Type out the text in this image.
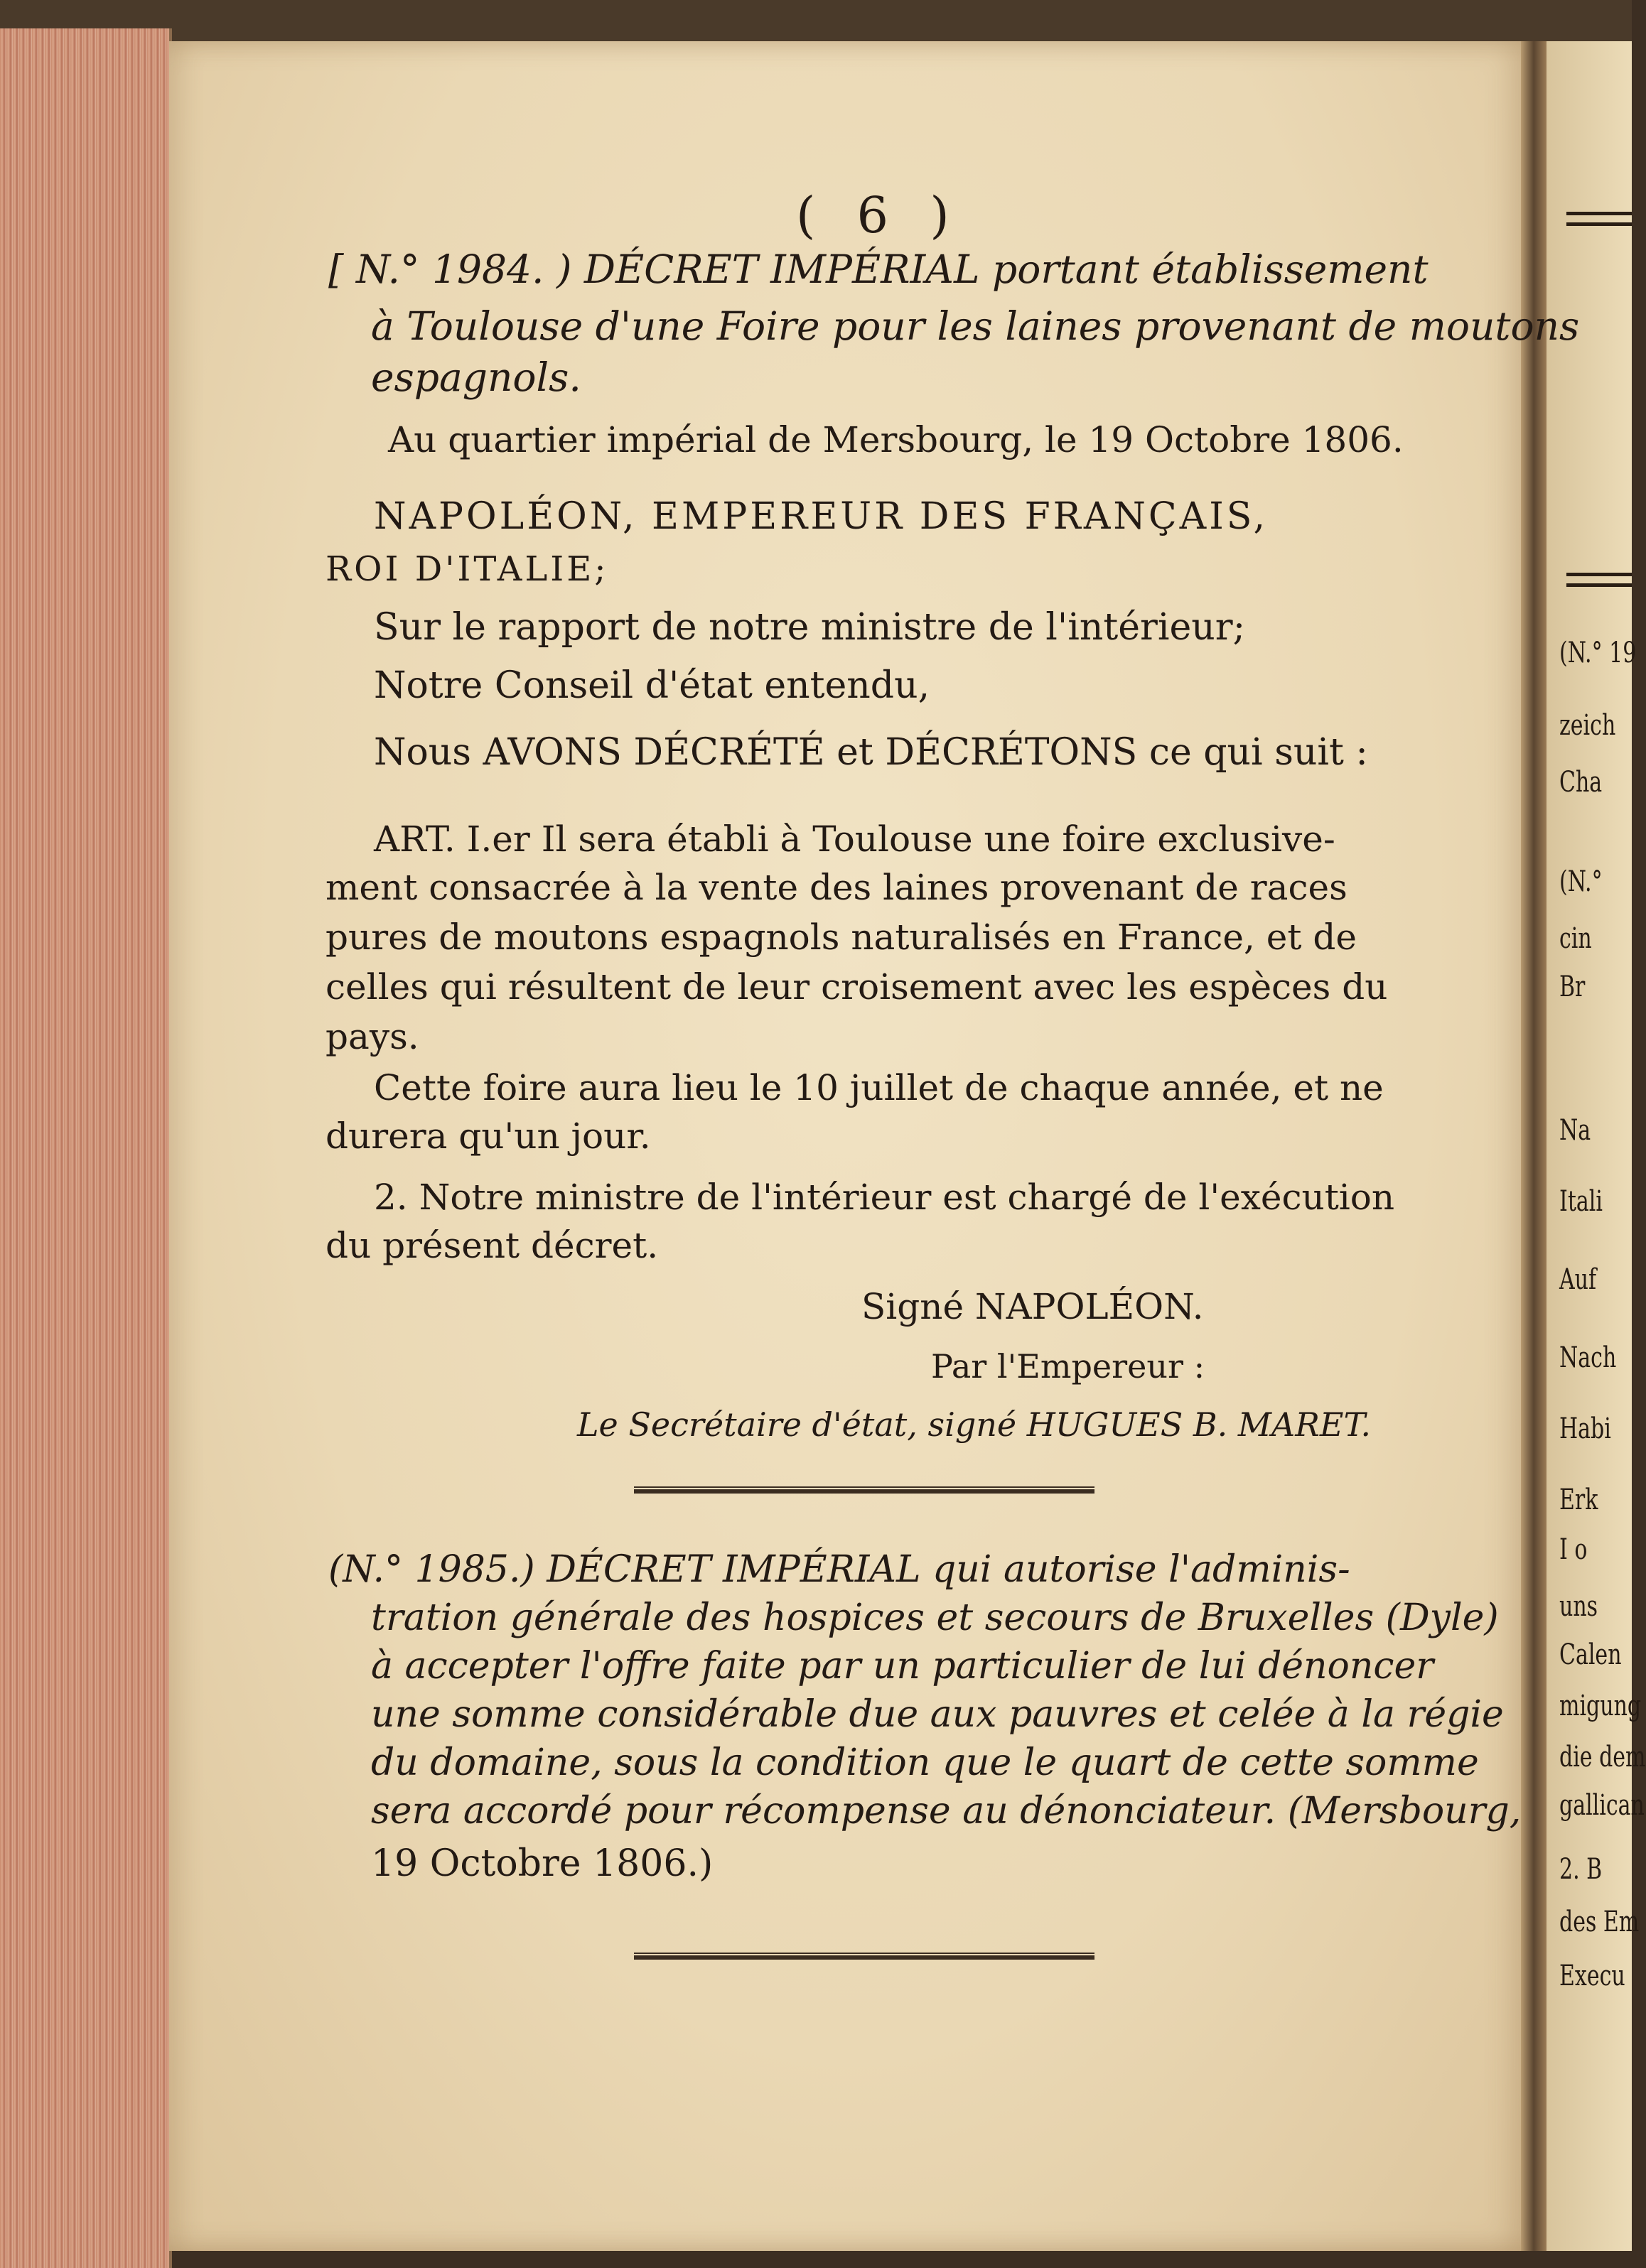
(N.° 19
zeich
Cha
(N.°
cin
Br
Na
Itali
Auf
Nach
Habi
Erk
I o
uns
Calen
migung
die dem
gallican
2. B
des Em
Execu
( 6 )
[ N.° 1984. ) DÉCRET IMPÉRIAL portant établissement
à Toulouse d'une Foire pour les laines provenant de moutons
espagnols.
Au quartier impérial de Mersbourg, le 19 Octobre 1806.
NAPOLÉON, EMPEREUR DES FRANÇAIS,
ROI D'ITALIE;
Sur le rapport de notre ministre de l'intérieur;
Notre Conseil d'état entendu,
Nous AVONS DÉCRÉTÉ et DÉCRÉTONS ce qui suit :
ART. I.er Il sera établi à Toulouse une foire exclusive-
ment consacrée à la vente des laines provenant de races
pures de moutons espagnols naturalisés en France, et de
celles qui résultent de leur croisement avec les espèces du
pays.
Cette foire aura lieu le 10 juillet de chaque année, et ne
durera qu'un jour.
2. Notre ministre de l'intérieur est chargé de l'exécution
du présent décret.
Signé NAPOLÉON.
Par l'Empereur :
Le Secrétaire d'état, signé HUGUES B. MARET.
(N.° 1985.) DÉCRET IMPÉRIAL qui autorise l'adminis-
tration générale des hospices et secours de Bruxelles (Dyle)
à accepter l'offre faite par un particulier de lui dénoncer
une somme considérable due aux pauvres et celée à la régie
du domaine, sous la condition que le quart de cette somme
sera accordé pour récompense au dénonciateur. (Mersbourg,
19 Octobre 1806.)
